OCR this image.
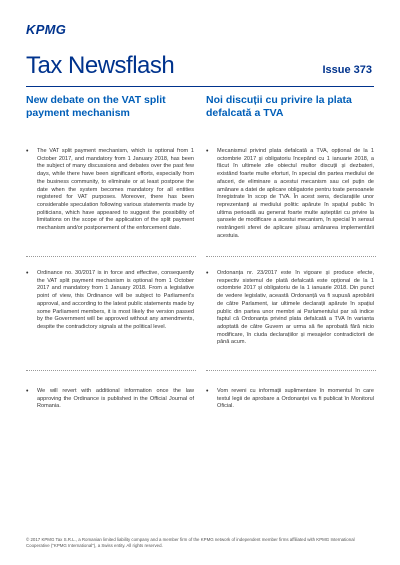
KPMG
Tax Newsflash	Issue 373
New debate on the VAT split payment mechanism
Noi discuții cu privire la plata defalcată a TVA
• The VAT split payment mechanism, which is optional from 1 October 2017, and mandatory from 1 January 2018, has been the subject of many discussions and debates over the past few days, while there have been significant efforts, especially from the business community, to eliminate or at least postpone the date when the system becomes mandatory for all entities registered for VAT purposes. Moreover, there has been considerable speculation following various statements made by politicians, which have appeared to suggest the possibility of limitations on the scope of the application of the split payment mechanism and/or postponement of the enforcement date.
• Ordinance no. 30/2017 is in force and effective, consequently the VAT split payment mechanism is optional from 1 October 2017 and mandatory from 1 January 2018. From a legislative point of view, this Ordinance will be subject to Parliament's approval, and according to the latest public statements made by some Parliament members, it is most likely the version passed by the Government will be approved without any amendments, despite the contradictory signals at the political level.
• We will revert with additional information once the law approving the Ordinance is published in the Official Journal of Romania.
• Mecanismul privind plata defalcată a TVA, opțional de la 1 octombrie 2017 și obligatoriu începând cu 1 ianuarie 2018, a făcut în ultimele zile obiectul multor discuții și dezbateri, existând foarte multe eforturi, în special din partea mediului de afaceri, de eliminare a acestui mecanism sau cel puțin de amânare a datei de aplicare obligatorie pentru toate persoanele înregistrate în scop de TVA. În acest sens, declarațiile unor reprezentanți ai mediului politic apărute în spațiul public în ultima perioadă au generat foarte multe așteptări cu privire la șansele de modificare a acestui mecanism, în special în sensul restrângerii sferei de aplicare și/sau amânarea implementării acestuia.
• Ordonanța nr. 23/2017 este în vigoare și produce efecte, respectiv sistemul de plată defalcată este opțional de la 1 octombrie 2017 și obligatoriu de la 1 ianuarie 2018. Din punct de vedere legislativ, această Ordonanță va fi supusă aprobării de către Parlament, iar ultimele declarații apărute în spațiul public din partea unor membri ai Parlamentului par să indice faptul că Ordonanța privind plata defalcată a TVA în varianta adoptată de către Guvern ar urma să fie aprobată fără nicio modificare, în ciuda declarațiilor și mesajelor contradictorii de până acum.
• Vom reveni cu informații suplimentare în momentul în care textul legii de aprobare a Ordonanței va fi publicat în Monitorul Oficial.
© 2017 KPMG Tax S.R.L., a Romanian limited liability company and a member firm of the KPMG network of independent member firms affiliated with KPMG International Cooperative ("KPMG International"), a Swiss entity. All rights reserved.
